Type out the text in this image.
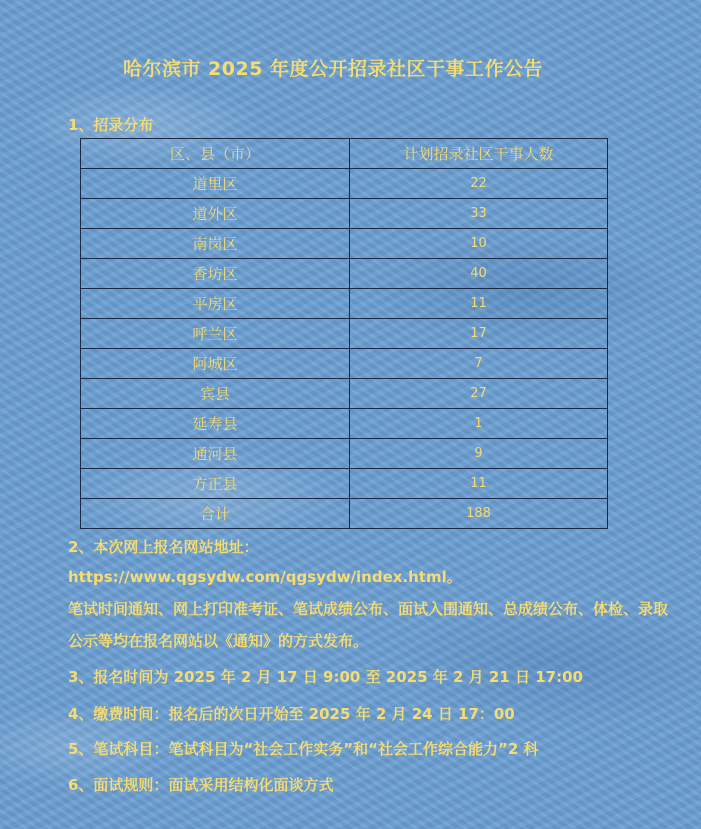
哈尔滨市 2025 年度公开招录社区干事工作公告
1、招录分布
区、县（市）	计划招录社区干事人数
道里区	22
道外区	33
南岗区	10
香坊区	40
平房区	11
呼兰区	17
阿城区	7
宾县	27
延寿县	1
通河县	9
方正县	11
合计	188
2、本次网上报名网站地址：
https://www.qgsydw.com/qgsydw/index.html。
笔试时间通知、网上打印准考证、笔试成绩公布、面试入围通知、总成绩公布、体检、录取公示等均在报名网站以《通知》的方式发布。
3、报名时间为 2025 年 2 月 17 日 9:00 至 2025 年 2 月 21 日 17:00
4、缴费时间：报名后的次日开始至 2025 年 2 月 24 日 17：00
5、笔试科目：笔试科目为“社会工作实务”和“社会工作综合能力”2 科
6、面试规则：面试采用结构化面谈方式
